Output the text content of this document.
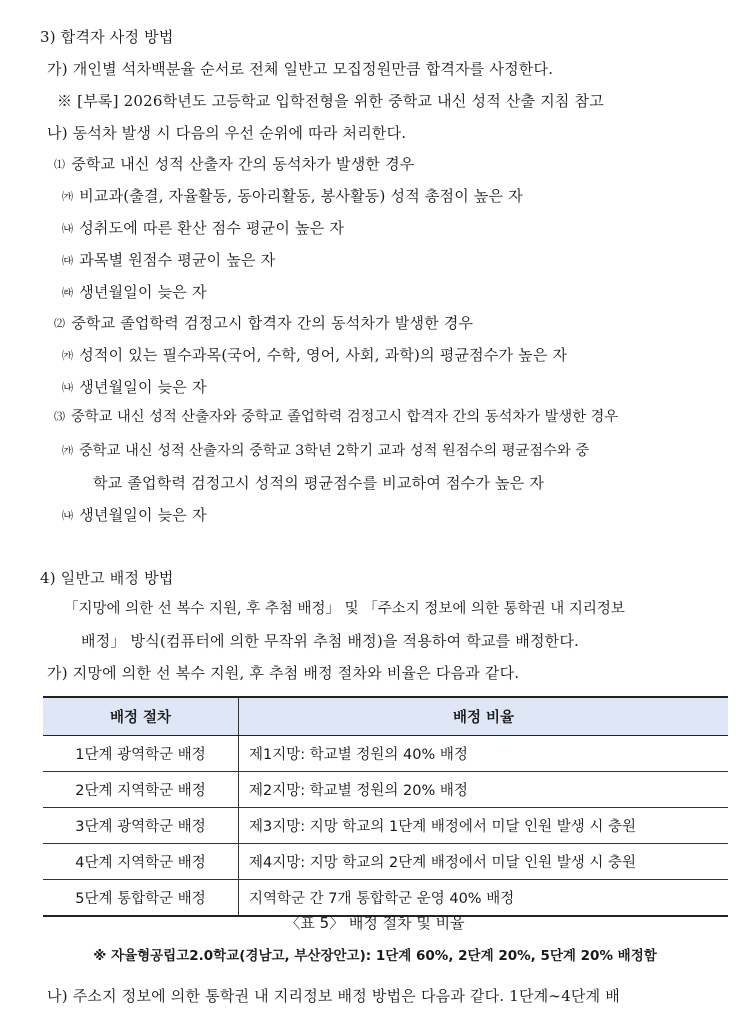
3) 합격자 사정 방법
가) 개인별 석차백분율 순서로 전체 일반고 모집정원만큼 합격자를 사정한다.
※ [부록] 2026학년도 고등학교 입학전형을 위한 중학교 내신 성적 산출 지침 참고
나) 동석차 발생 시 다음의 우선 순위에 따라 처리한다.
⑴ 중학교 내신 성적 산출자 간의 동석차가 발생한 경우
㈎ 비교과(출결, 자율활동, 동아리활동, 봉사활동) 성적 총점이 높은 자
㈏ 성취도에 따른 환산 점수 평균이 높은 자
㈐ 과목별 원점수 평균이 높은 자
㈑ 생년월일이 늦은 자
⑵ 중학교 졸업학력 검정고시 합격자 간의 동석차가 발생한 경우
㈎ 성적이 있는 필수과목(국어, 수학, 영어, 사회, 과학)의 평균점수가 높은 자
㈏ 생년월일이 늦은 자
⑶ 중학교 내신 성적 산출자와 중학교 졸업학력 검정고시 합격자 간의 동석차가 발생한 경우
㈎ 중학교 내신 성적 산출자의 중학교 3학년 2학기 교과 성적 원점수의 평균점수와 중
학교 졸업학력 검정고시 성적의 평균점수를 비교하여 점수가 높은 자
㈏ 생년월일이 늦은 자
4) 일반고 배정 방법
「지망에 의한 선 복수 지원, 후 추첨 배정」 및 「주소지 정보에 의한 통학권 내 지리정보
배정」 방식(컴퓨터에 의한 무작위 추첨 배정)을 적용하여 학교를 배정한다.
가) 지망에 의한 선 복수 지원, 후 추첨 배정 절차와 비율은 다음과 같다.
배정 절차	배정 비율
1단계 광역학군 배정	제1지망: 학교별 정원의 40% 배정
2단계 지역학군 배정	제2지망: 학교별 정원의 20% 배정
3단계 광역학군 배정	제3지망: 지망 학교의 1단계 배정에서 미달 인원 발생 시 충원
4단계 지역학군 배정	제4지망: 지망 학교의 2단계 배정에서 미달 인원 발생 시 충원
5단계 통합학군 배정	지역학군 간 7개 통합학군 운영 40% 배정
〈표 5〉 배정 절차 및 비율
※ 자율형공립고2.0학교(경남고, 부산장안고): 1단계 60%, 2단계 20%, 5단계 20% 배정함
나) 주소지 정보에 의한 통학권 내 지리정보 배정 방법은 다음과 같다. 1단계∼4단계 배
